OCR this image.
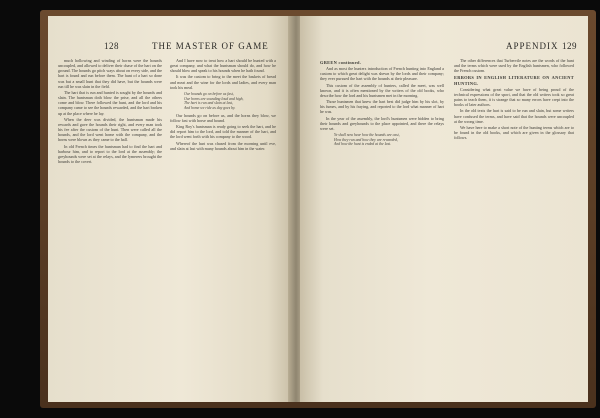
128	THE MASTER OF GAME

much hollowing and winding of horns were the hounds uncoupled, and allowed to deliver their chase of the hart on the ground. The hounds go pitch ways about on every side, and the hart is found and run before them. The hunt of a hart so done was but a small hunt that they did have, but the hounds were run till he was slain in the field.

The hart that is run and hunted is sought by the hounds and slain. The huntsman doth blow the prise, and all the others come and blow. There followed the hunt, and the lord and his company came to see the hounds rewarded, and the hart broken up at the place where he lay.

When the deer was divided, the huntsman made his rewards and gave the hounds their right, and every man took his fee after the custom of the hunt. Then were called all the hounds, and the lord went home with the company, and the horns were blown as they came to the hall.

In old French times the huntsman had to find the hart and harbour him, and to report to the lord at the assembly; the greyhounds were set at the relays, and the lymerers brought the hounds to the covert.

And I have now to treat how a hart should be hunted with a great company, and what the huntsman should do, and how he should blow and speak to his hounds when he hath found.

It was the custom to bring to the meet the baskets of bread and meat and the wine for the lords and ladies, and every man took his meal.

Our hounds go on before us fast,
Our horns are sounding loud and high,
The hart is run and slain at last,
And home we ride as day goes by.

Our hounds go on before us, and the horns they blow, we follow fast with horse and hound.

King Roy's huntsman is ready going to seek the hart, and he did report him to the lord, and told the manner of the hart, and the lord went forth with his company to the wood.

Whereof the hart was chased from the morning until eve, and slain at last with many hounds about him in the water.

APPENDIX 129

GREEN continued.

And as most the hunters introduction of French hunting into England a custom to which great delight was shewn by the lords and their company; they ever pursued the hart with the hounds at their pleasure.

This custom of the assembly of hunters, called the meet, was well known, and it is often mentioned by the writers of the old books, who describe how the lord and his huntsmen met in the morning.

Those huntsmen that knew the hart best did judge him by his slot, by his fumes, and by his fraying, and reported to the lord what manner of hart he was.

In the year of the assembly, the lord's huntsmen were bidden to bring their hounds and greyhounds to the place appointed, and there the relays were set.

Ye shall now hear how the hounds are cast,
How they run and how they are rewarded,
And how the hunt is ended at the last.

The other differences that Turbervile notes are the words of the hunt and the terms which were used by the English huntsmen, who followed the French custom.

ERRORS IN ENGLISH LITERATURE ON ANCIENT HUNTING.

Considering what great value we have of being proud of the technical expressions of the sport, and that the old writers took so great pains to teach them, it is strange that so many errors have crept into the books of later authors.

In the old texts the hart is said to be run and slain, but some writers have confused the terms, and have said that the hounds were uncoupled at the wrong time.

We have here to make a short note of the hunting terms which are to be found in the old books, and which are given in the glossary that follows.
